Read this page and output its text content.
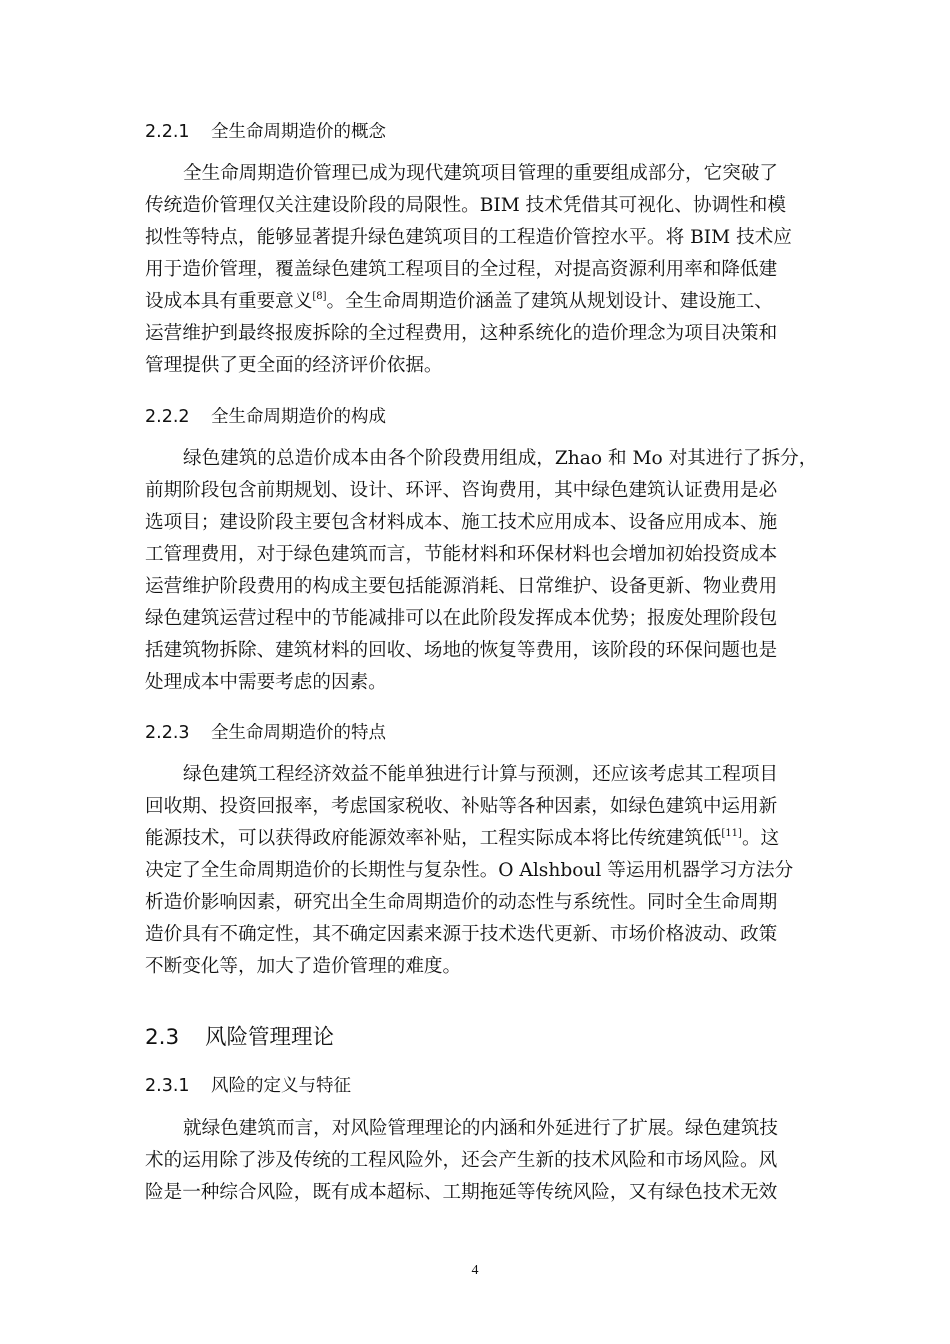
2.2.1 全生命周期造价的概念
全生命周期造价管理已成为现代建筑项目管理的重要组成部分，它突破了
传统造价管理仅关注建设阶段的局限性。BIM 技术凭借其可视化、协调性和模
拟性等特点，能够显著提升绿色建筑项目的工程造价管控水平。将 BIM 技术应
用于造价管理，覆盖绿色建筑工程项目的全过程，对提高资源利用率和降低建
设成本具有重要意义[8]。全生命周期造价涵盖了建筑从规划设计、建设施工、
运营维护到最终报废拆除的全过程费用，这种系统化的造价理念为项目决策和
管理提供了更全面的经济评价依据。
2.2.2 全生命周期造价的构成
绿色建筑的总造价成本由各个阶段费用组成，Zhao 和 Mo 对其进行了拆分，
前期阶段包含前期规划、设计、环评、咨询费用，其中绿色建筑认证费用是必
选项目；建设阶段主要包含材料成本、施工技术应用成本、设备应用成本、施
工管理费用，对于绿色建筑而言，节能材料和环保材料也会增加初始投资成本
运营维护阶段费用的构成主要包括能源消耗、日常维护、设备更新、物业费用
绿色建筑运营过程中的节能减排可以在此阶段发挥成本优势；报废处理阶段包
括建筑物拆除、建筑材料的回收、场地的恢复等费用，该阶段的环保问题也是
处理成本中需要考虑的因素。
2.2.3 全生命周期造价的特点
绿色建筑工程经济效益不能单独进行计算与预测，还应该考虑其工程项目
回收期、投资回报率，考虑国家税收、补贴等各种因素，如绿色建筑中运用新
能源技术，可以获得政府能源效率补贴，工程实际成本将比传统建筑低[11]。这
决定了全生命周期造价的长期性与复杂性。O Alshboul 等运用机器学习方法分
析造价影响因素，研究出全生命周期造价的动态性与系统性。同时全生命周期
造价具有不确定性，其不确定因素来源于技术迭代更新、市场价格波动、政策
不断变化等，加大了造价管理的难度。
2.3 风险管理理论
2.3.1 风险的定义与特征
就绿色建筑而言，对风险管理理论的内涵和外延进行了扩展。绿色建筑技
术的运用除了涉及传统的工程风险外，还会产生新的技术风险和市场风险。风
险是一种综合风险，既有成本超标、工期拖延等传统风险，又有绿色技术无效
4
